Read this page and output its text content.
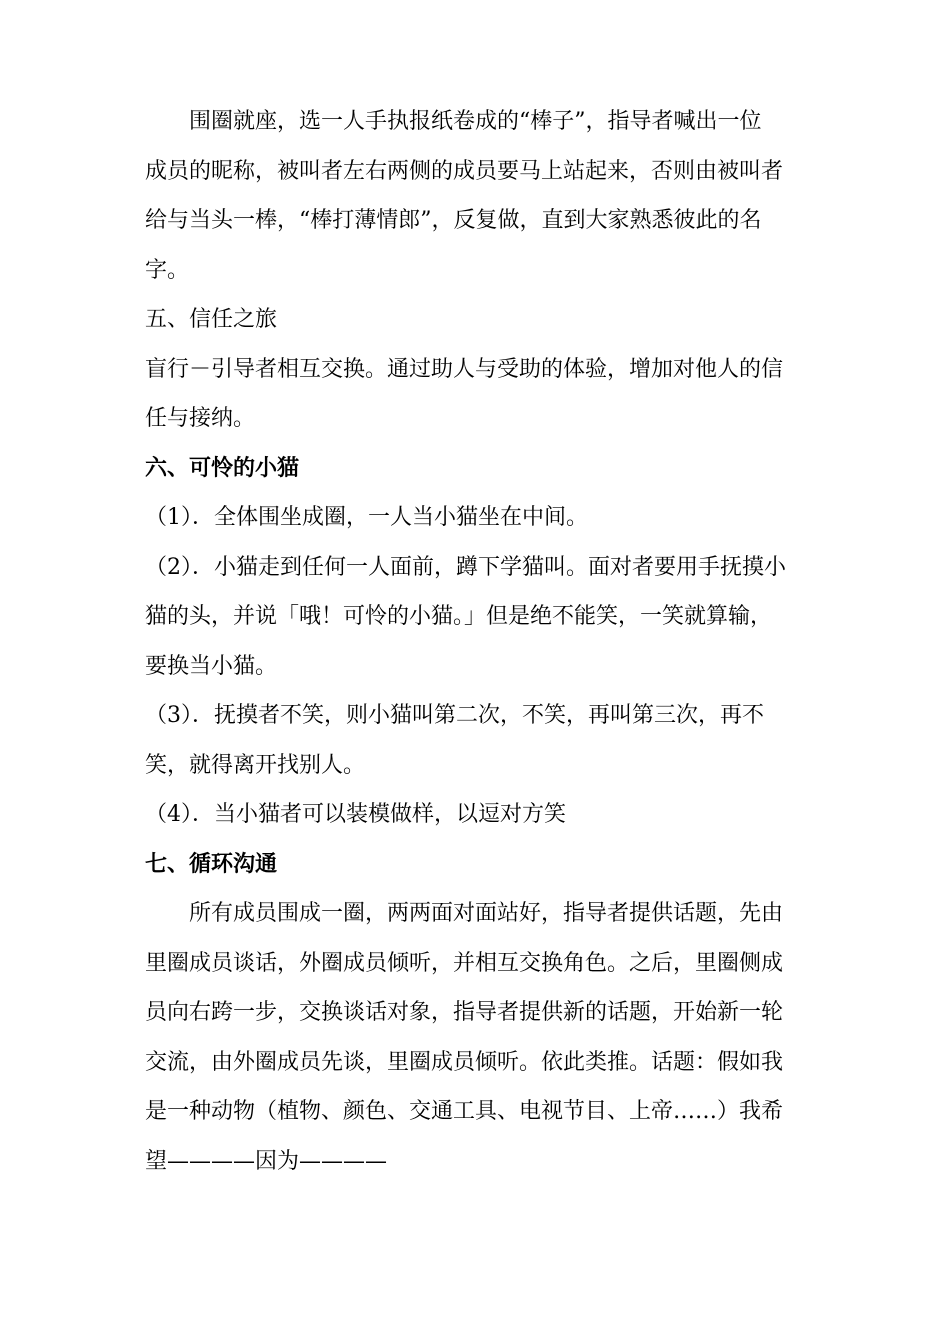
围圈就座，选一人手执报纸卷成的“棒子”，指导者喊出一位

成员的昵称，被叫者左右两侧的成员要马上站起来，否则由被叫者

给与当头一棒，“棒打薄情郎”，反复做，直到大家熟悉彼此的名

字。

五、信任之旅

盲行－引导者相互交换。通过助人与受助的体验，增加对他人的信

任与接纳。

六、可怜的小猫

（1）．全体围坐成圈，一人当小猫坐在中间。

（2）．小猫走到任何一人面前，蹲下学猫叫。面对者要用手抚摸小

猫的头，并说「哦！可怜的小猫。」但是绝不能笑，一笑就算输，

要换当小猫。

（3）．抚摸者不笑，则小猫叫第二次，不笑，再叫第三次，再不

笑，就得离开找别人。

（4）．当小猫者可以装模做样，以逗对方笑

七、循环沟通

所有成员围成一圈，两两面对面站好，指导者提供话题，先由

里圈成员谈话，外圈成员倾听，并相互交换角色。之后，里圈侧成

员向右跨一步，交换谈话对象，指导者提供新的话题，开始新一轮

交流，由外圈成员先谈，里圈成员倾听。依此类推。话题：假如我

是一种动物（植物、颜色、交通工具、电视节目、上帝……）我希

望————因为————
